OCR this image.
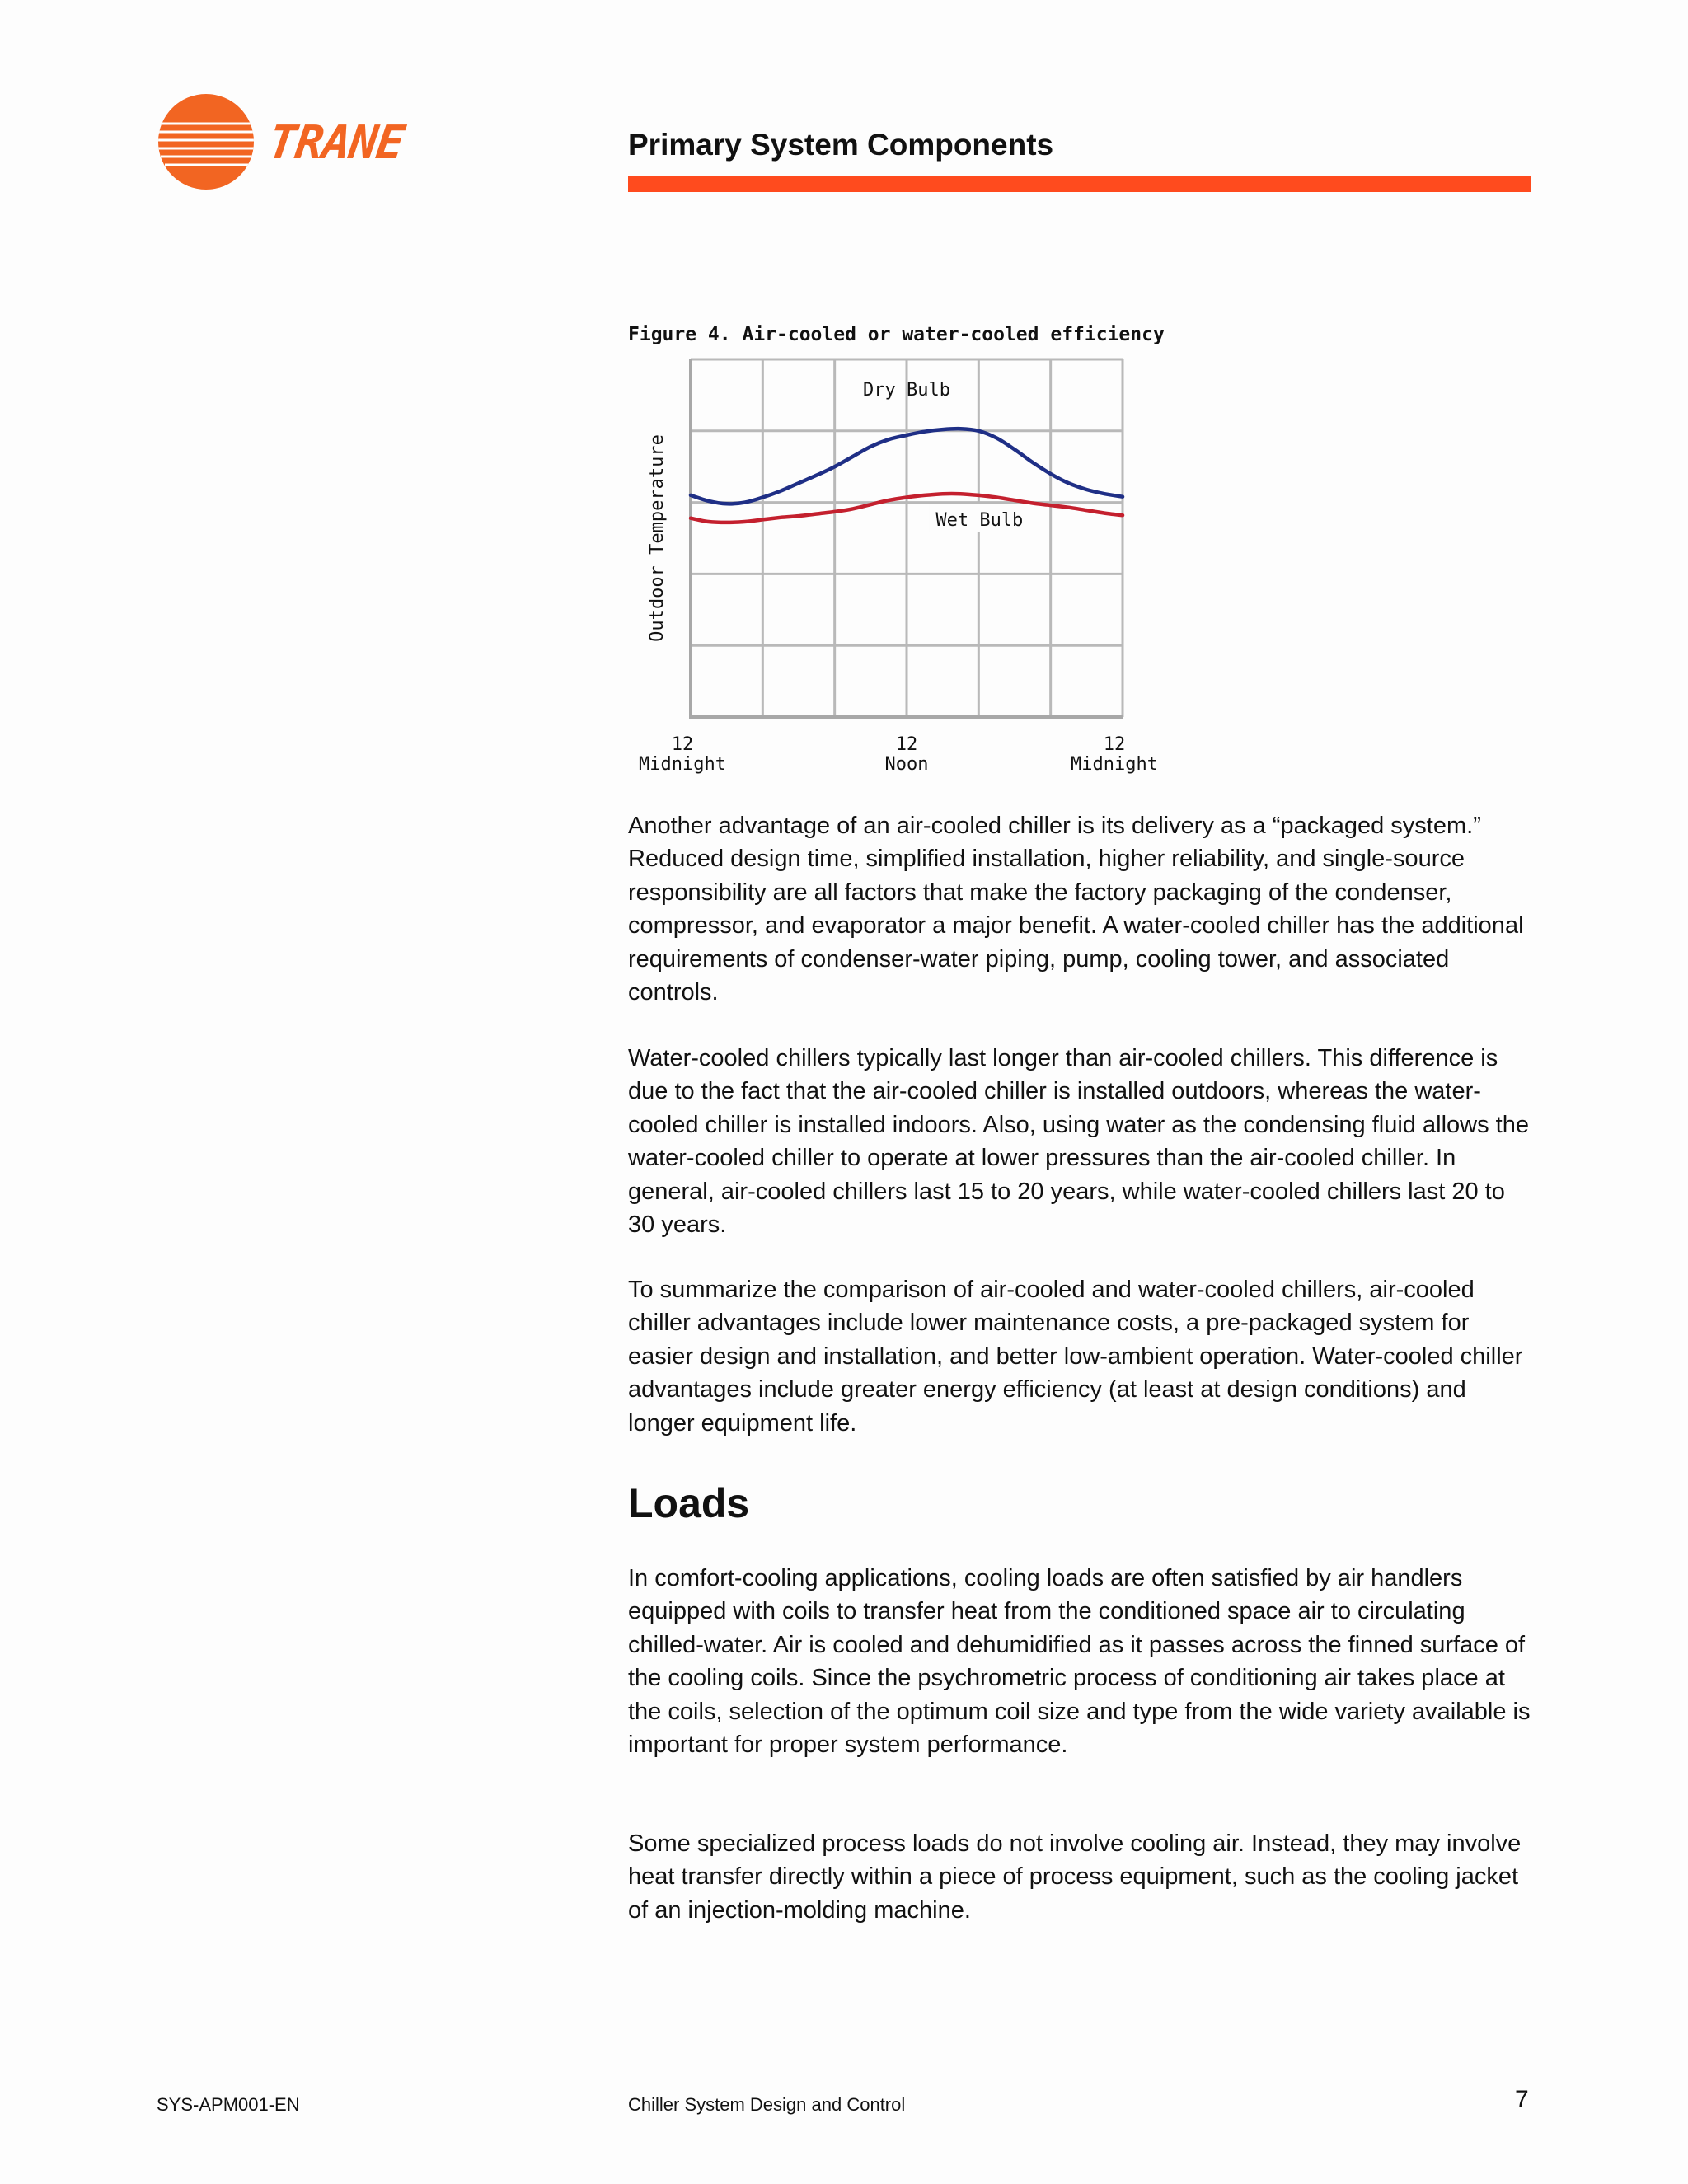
TRANE	Primary System Components
Figure 4. Air-cooled or water-cooled efficiency
Dry Bulb
Wet Bulb
Outdoor Temperature
12 Midnight
12 Noon
12 Midnight
Another advantage of an air-cooled chiller is its delivery as a “packaged system.” Reduced design time, simplified installation, higher reliability, and single-source responsibility are all factors that make the factory packaging of the condenser, compressor, and evaporator a major benefit. A water-cooled chiller has the additional requirements of condenser-water piping, pump, cooling tower, and associated controls.
Water-cooled chillers typically last longer than air-cooled chillers. This difference is due to the fact that the air-cooled chiller is installed outdoors, whereas the water-cooled chiller is installed indoors. Also, using water as the condensing fluid allows the water-cooled chiller to operate at lower pressures than the air-cooled chiller. In general, air-cooled chillers last 15 to 20 years, while water-cooled chillers last 20 to 30 years.
To summarize the comparison of air-cooled and water-cooled chillers, air-cooled chiller advantages include lower maintenance costs, a pre-packaged system for easier design and installation, and better low-ambient operation. Water-cooled chiller advantages include greater energy efficiency (at least at design conditions) and longer equipment life.
Loads
In comfort-cooling applications, cooling loads are often satisfied by air handlers equipped with coils to transfer heat from the conditioned space air to circulating chilled-water. Air is cooled and dehumidified as it passes across the finned surface of the cooling coils. Since the psychrometric process of conditioning air takes place at the coils, selection of the optimum coil size and type from the wide variety available is important for proper system performance.
Some specialized process loads do not involve cooling air. Instead, they may involve heat transfer directly within a piece of process equipment, such as the cooling jacket of an injection-molding machine.
SYS-APM001-EN	Chiller System Design and Control	7
